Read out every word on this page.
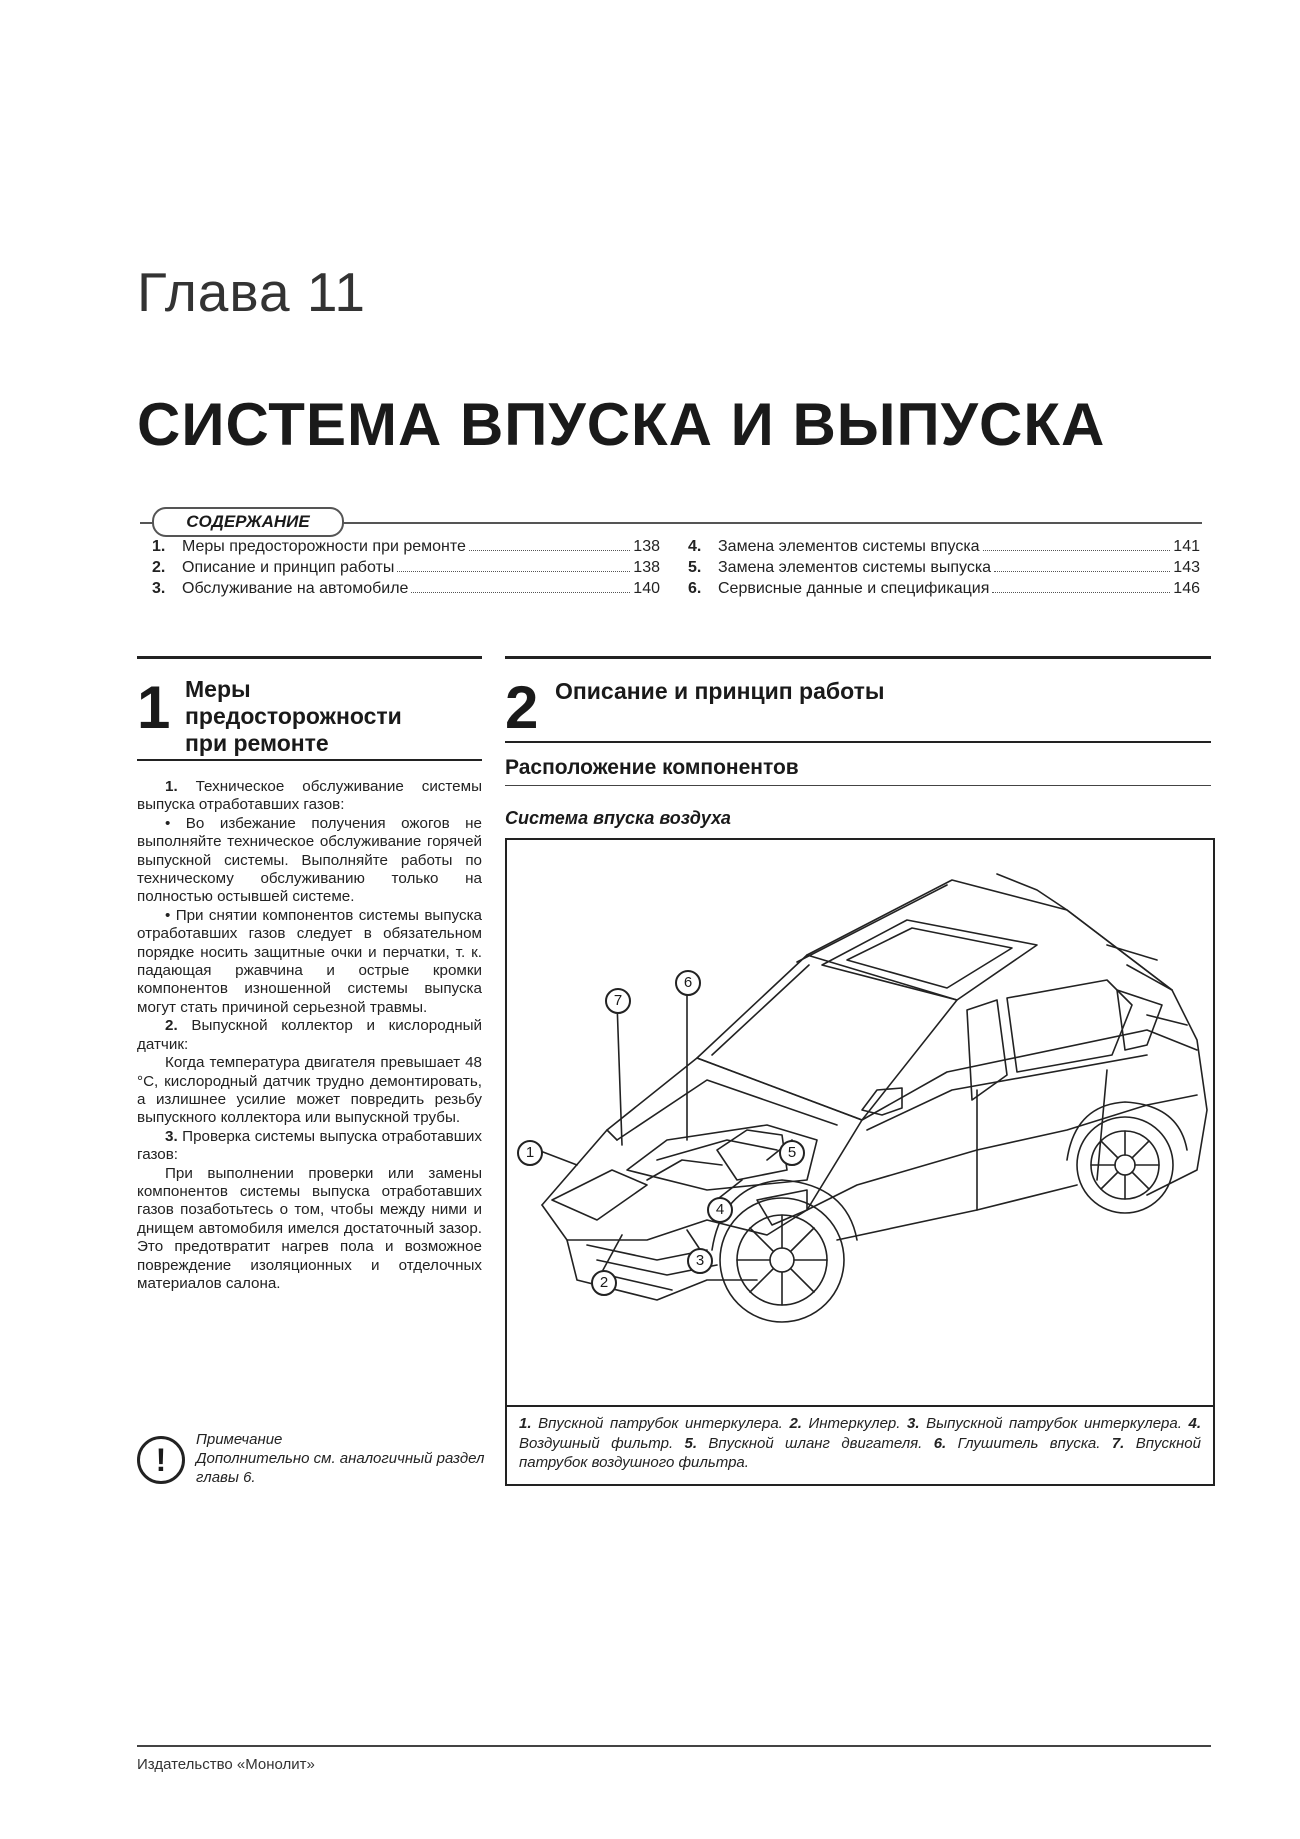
Глава 11
СИСТЕМА ВПУСКА И ВЫПУСКА
СОДЕРЖАНИЕ
1.	Меры предосторожности при ремонте	138
2.	Описание и принцип работы	138
3.	Обслуживание на автомобиле	140
4.	Замена элементов системы впуска	141
5.	Замена элементов системы выпуска	143
6.	Сервисные данные и спецификация	146
1 Меры
предосторожности
при ремонте

1. Техническое обслуживание системы выпуска отработавших газов:

• Во избежание получения ожогов не выполняйте техническое обслуживание горячей выпускной системы. Выполняйте работы по техническому обслуживанию только на полностью остывшей системе.

• При снятии компонентов системы выпуска отработавших газов следует в обязательном порядке носить защитные очки и перчатки, т. к. падающая ржавчина и острые кромки компонентов изношенной системы выпуска могут стать причиной серьезной травмы.

2. Выпускной коллектор и кислородный датчик:

Когда температура двигателя превышает 48 °C, кислородный датчик трудно демонтировать, а излишнее усилие может повредить резьбу выпускного коллектора или выпускной трубы.

3. Проверка системы выпуска отработавших газов:

При выполнении проверки или замены компонентов системы выпуска отработавших газов позаботьтесь о том, чтобы между ними и днищем автомобиля имелся достаточный зазор. Это предотвратит нагрев пола и возможное повреждение изоляционных и отделочных материалов салона.

!
Примечание
Дополнительно см. аналогичный раздел главы 6.
2 Описание и принцип работы
Расположение компонентов
Система впуска воздуха
1
2
3
4
5
6
7
1. Впускной патрубок интеркулера. 2. Интеркулер. 3. Выпускной патрубок интеркулера. 4. Воздушный фильтр. 5. Впускной шланг двигателя. 6. Глушитель впуска. 7. Впускной патрубок воздушного фильтра.
Издательство «Монолит»
